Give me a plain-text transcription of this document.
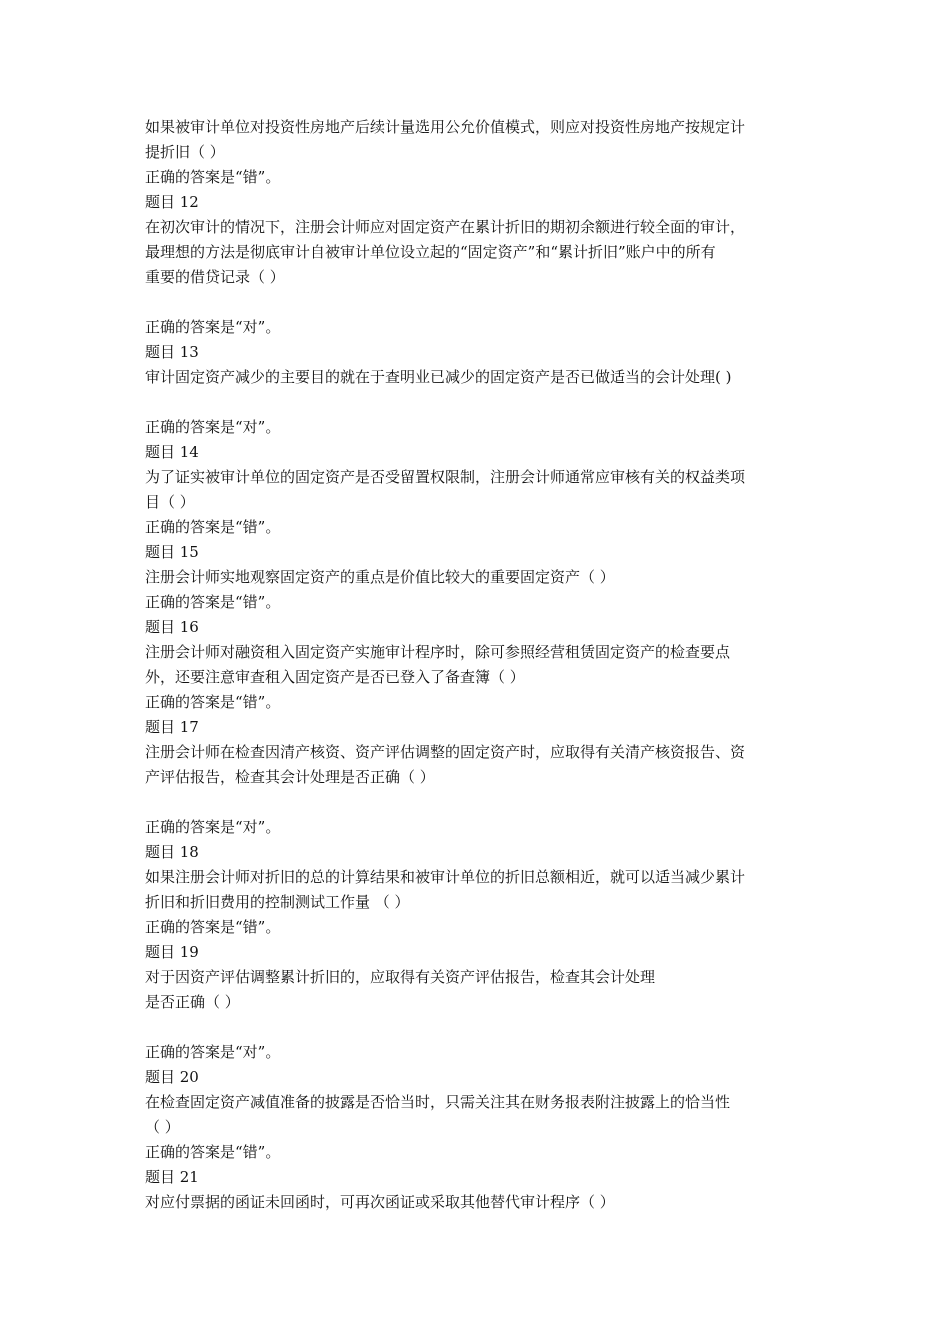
如果被审计单位对投资性房地产后续计量选用公允价值模式，则应对投资性房地产按规定计
提折旧（ ）
正确的答案是“错”。
题目 12
在初次审计的情况下，注册会计师应对固定资产在累计折旧的期初余额进行较全面的审计，
最理想的方法是彻底审计自被审计单位设立起的“固定资产”和“累计折旧”账户中的所有
重要的借贷记录（ ）
正确的答案是“对”。
题目 13
审计固定资产减少的主要目的就在于查明业已减少的固定资产是否已做适当的会计处理( )
正确的答案是“对”。
题目 14
为了证实被审计单位的固定资产是否受留置权限制，注册会计师通常应审核有关的权益类项
目（ ）
正确的答案是“错”。
题目 15
注册会计师实地观察固定资产的重点是价值比较大的重要固定资产（ ）
正确的答案是“错”。
题目 16
注册会计师对融资租入固定资产实施审计程序时，除可参照经营租赁固定资产的检查要点
外，还要注意审查租入固定资产是否已登入了备查簿（ ）
正确的答案是“错”。
题目 17
注册会计师在检查因清产核资、资产评估调整的固定资产时，应取得有关清产核资报告、资
产评估报告，检查其会计处理是否正确（ ）
正确的答案是“对”。
题目 18
如果注册会计师对折旧的总的计算结果和被审计单位的折旧总额相近，就可以适当减少累计
折旧和折旧费用的控制测试工作量 （ ）
正确的答案是“错”。
题目 19
对于因资产评估调整累计折旧的，应取得有关资产评估报告，检查其会计处理
是否正确（ ）
正确的答案是“对”。
题目 20
在检查固定资产减值准备的披露是否恰当时，只需关注其在财务报表附注披露上的恰当性
（ ）
正确的答案是“错”。
题目 21
对应付票据的函证未回函时，可再次函证或采取其他替代审计程序（ ）
